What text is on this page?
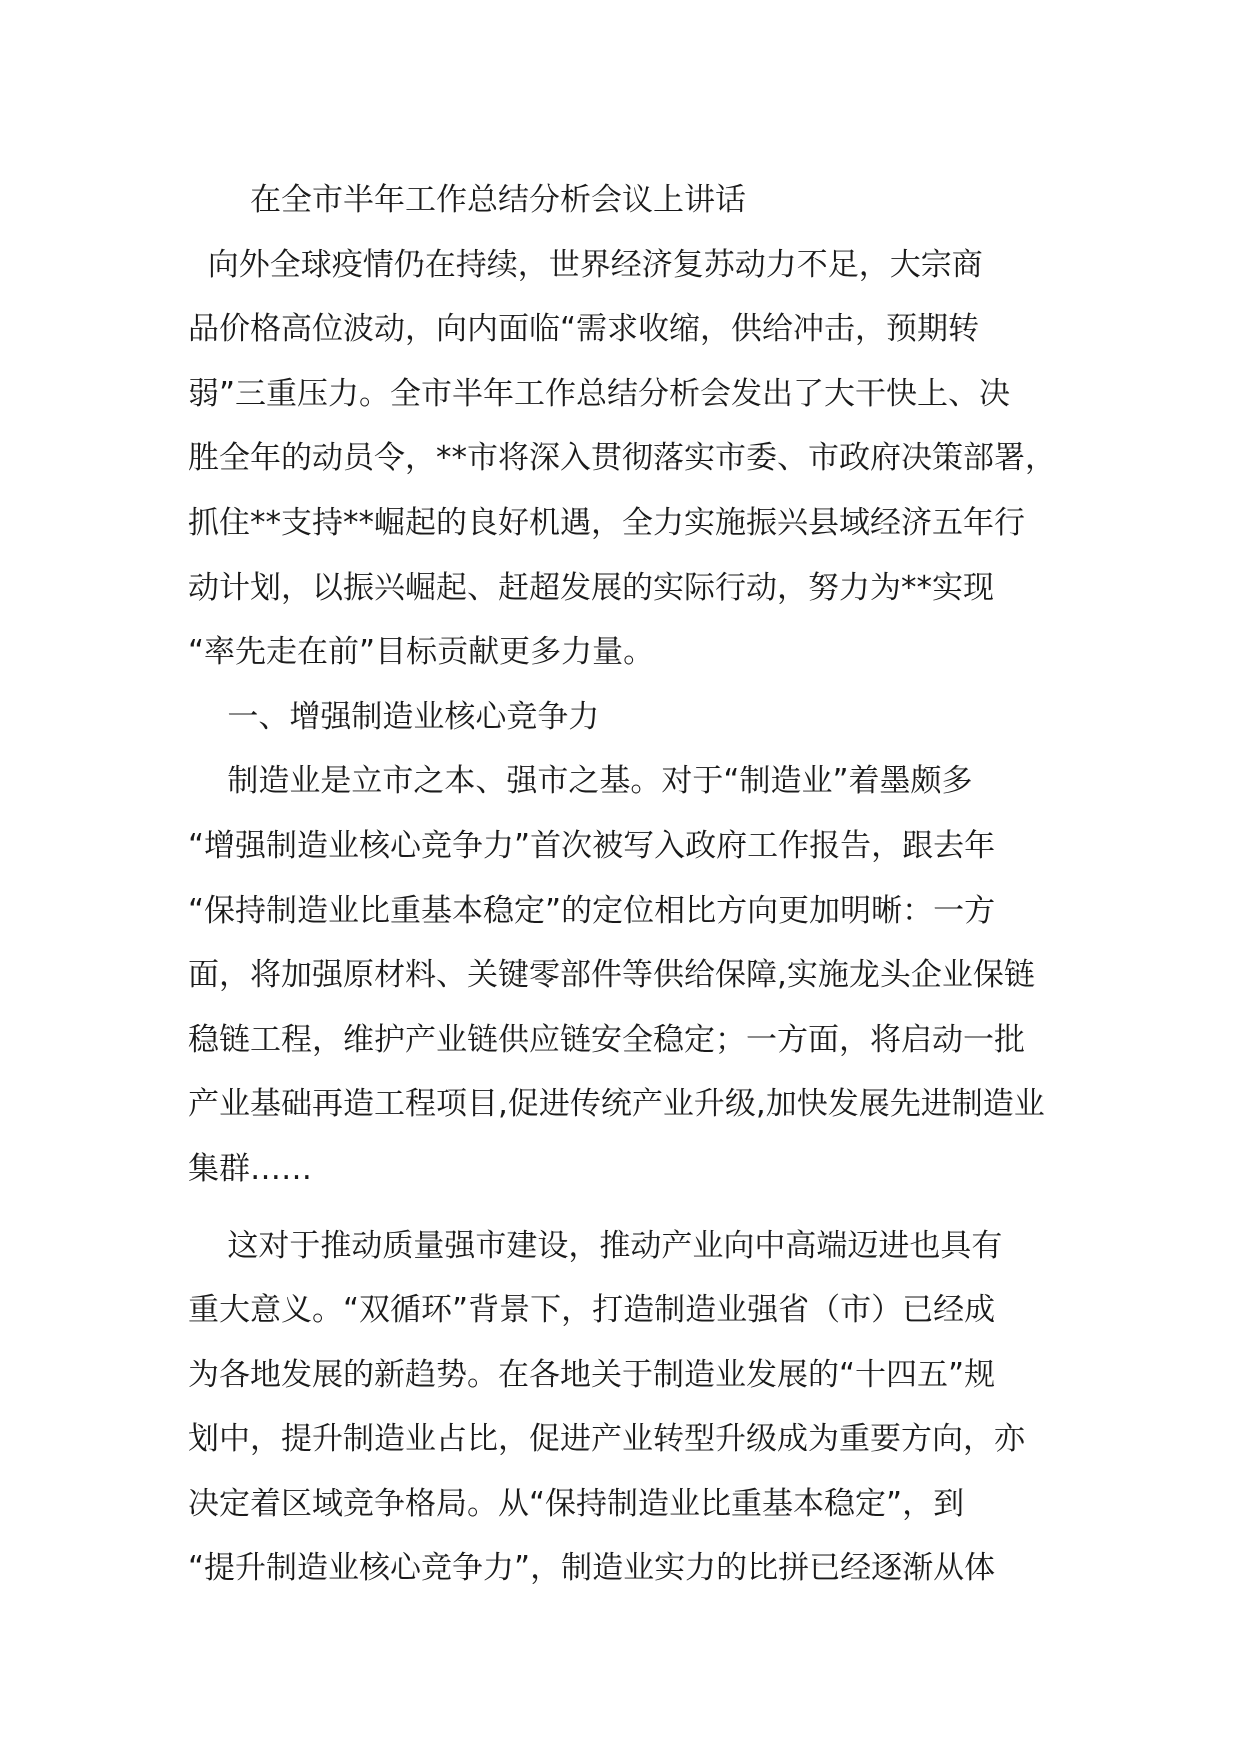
在全市半年工作总结分析会议上讲话
向外全球疫情仍在持续，世界经济复苏动力不足，大宗商
品价格高位波动，向内面临“需求收缩，供给冲击，预期转
弱”三重压力。全市半年工作总结分析会发出了大干快上、决
胜全年的动员令，**市将深入贯彻落实市委、市政府决策部署，
抓住**支持**崛起的良好机遇，全力实施振兴县域经济五年行
动计划，以振兴崛起、赶超发展的实际行动，努力为**实现
“率先走在前”目标贡献更多力量。
一、增强制造业核心竞争力
制造业是立市之本、强市之基。对于“制造业”着墨颇多
“增强制造业核心竞争力”首次被写入政府工作报告，跟去年
“保持制造业比重基本稳定”的定位相比方向更加明晰：一方
面，将加强原材料、关键零部件等供给保障,实施龙头企业保链
稳链工程，维护产业链供应链安全稳定；一方面，将启动一批
产业基础再造工程项目,促进传统产业升级,加快发展先进制造业
集群……
这对于推动质量强市建设，推动产业向中高端迈进也具有
重大意义。“双循环”背景下，打造制造业强省（市）已经成
为各地发展的新趋势。在各地关于制造业发展的“十四五”规
划中，提升制造业占比，促进产业转型升级成为重要方向，亦
决定着区域竞争格局。从“保持制造业比重基本稳定”，到
“提升制造业核心竞争力”，制造业实力的比拼已经逐渐从体
